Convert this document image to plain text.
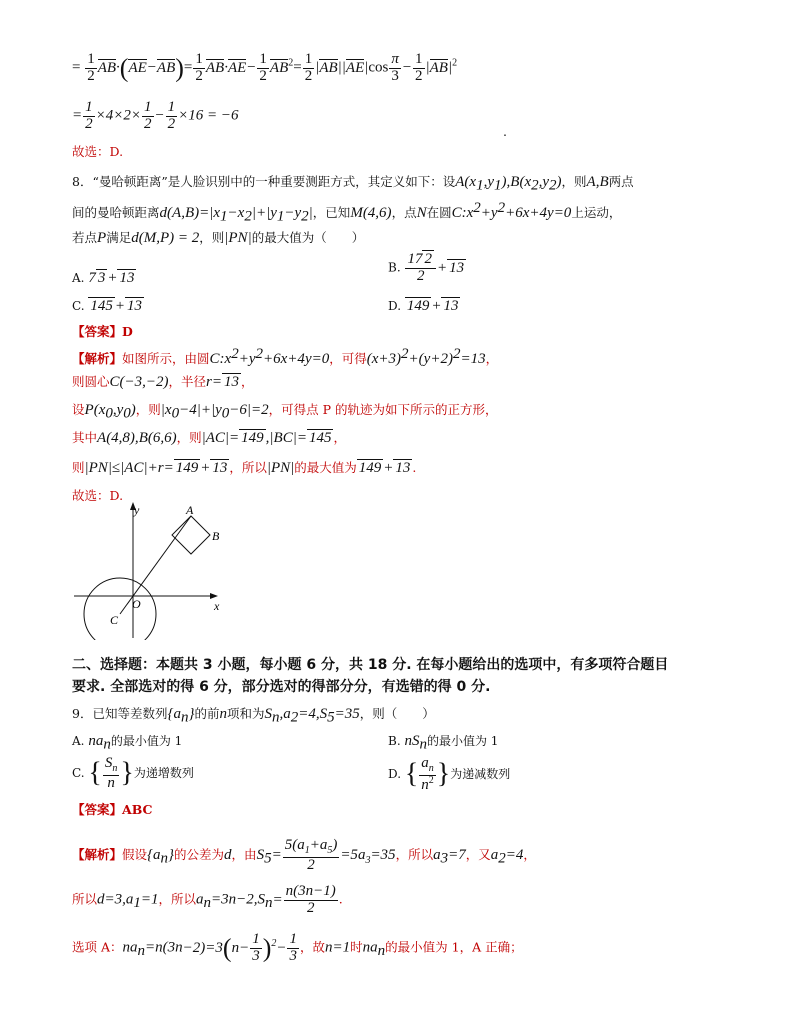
= $\frac{1}{2} AB\cdot(AE-AB)= \frac{1}{2} AB\cdot AE- \frac{1}{2} AB^2= \frac{1}{2} |AB||AE|\cos \frac{\pi}{3} - \frac{1}{2} |AB|^2$
= $\frac{1}{2} \times 4\times 2\times \frac{1}{2} - \frac{1}{2} \times 16 = -6$
故选：D.
.
8．“曼哈顿距离”是人脸识别中的一种重要测距方式，其定义如下：设$A(x_1,y_1),B(x_2,y_2)$，则A,B两点
间的曼哈顿距离$d(A,B)=|x_1-x_2|+|y_1-y_2|$，已知M(4,6)，点N在圆$C:x^2+y^2+6x+4y=0$上运动，
若点P满足d(M,P) = 2，则|PN|的最大值为（　　）
A. 7 3 + 13
B. $\frac{17 2}{2} + 13$
C. 145 + 13	D. 149 + 13
【答案】D
【解析】如图所示，由圆$C:x^2+y^2+6x+4y=0$，可得$(x+3)^2+(y+2)^2=13$，
则圆心C(−3,−2)，半径r= 13 ，
设$P(x_0,y_0)$，则$|x_0-4|+|y_0-6|=2$，可得点 P 的轨迹为如下所示的正方形，
其中A(4,8),B(6,6)，则|AC|= 149 ,|BC|= 145 ，
则|PN|≤|AC|+r= 149 + 13 ，所以|PN|的最大值为 149 + 13 .
故选：D.
y
x
O
C
A
B
二、选择题：本题共 3 小题，每小题 6 分，共 18 分. 在每小题给出的选项中，有多项符合题目
要求. 全部选对的得 6 分，部分选对的得部分分，有选错的得 0 分.
9．已知等差数列$\{a_n\}$的前n项和为$S_n,a_2=4,S_5=35$，则（　　）
A. $na_n$的最小值为 1	B. $nS_n$的最小值为 1
C. { $\frac{S_n}{n}$ }为递增数列	D. { $\frac{a_n}{n^2}$ }为递减数列
【答案】ABC
【解析】假设$\{a_n\}$的公差为d，由$S_5= \frac{5(a_1+a_5)}{2} =5a_3=35$，所以$a_3=7$，又$a_2=4$，
所以$d=3,a_1=1$，所以$a_n=3n-2,S_n= \frac{n(3n-1)}{2}$ .
选项 A：$na_n=n(3n-2)=3(n- \frac{1}{3} )^2- \frac{1}{3}$ ，故n=1时$na_n$的最小值为 1，A 正确；
